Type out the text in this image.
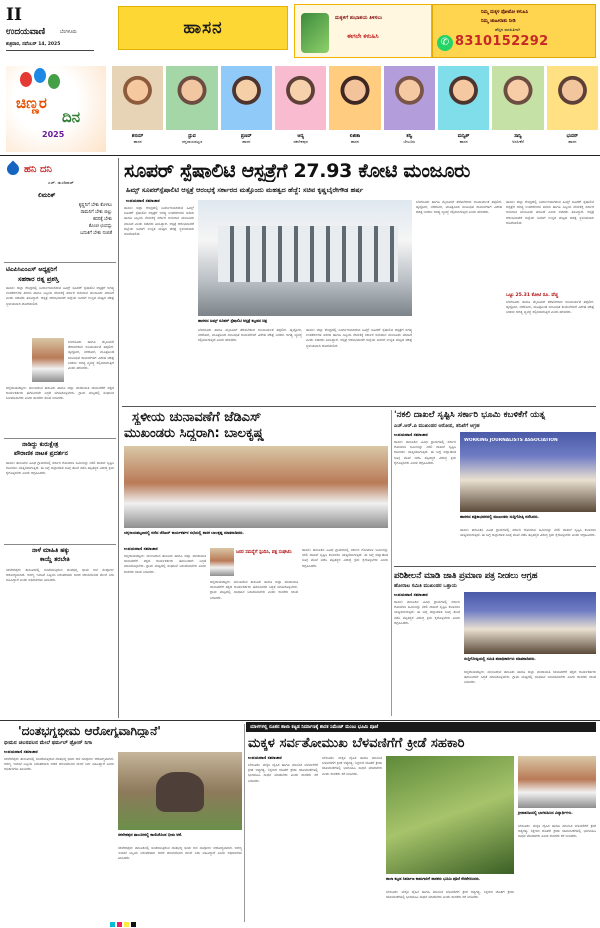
II
ಉದಯವಾಣಿ	ಬೆಂಗಳೂರು
ಶುಕ್ರವಾರ, ನವೆಂಬರ್ 14, 2025
ಹಾಸನ	ಮಕ್ಕಳಿಗೆ ಶುಭಾಶಯ ತಿಳಿಸಲು
ಈಗಲೇ ಕಳುಹಿಸಿ
ನಿಮ್ಮ ಮಕ್ಕಳ ಫೋಟೋ ಕಳುಹಿಸಿ
ನಿಮ್ಮ ಜಾಹೀರಾತು ನೀಡಿ
ಹೆಚ್ಚಿನ ಮಾಹಿತಿಗಾಗಿ
✆ 8310152292
ಚಿಣ್ಣರ
ದಿನ
2025	ಶನಯ್
ಹಾಸನ
ಧ್ರುವ
ಚನ್ನರಾಯಪಟ್ಟಣ
ಪ್ರಣವ್
ಹಾಸನ
ಆದ್ಯ
ಸಕಲೇಶಪುರ
ಲಿಖಿತಾ
ಹಾಸನ
ತನ್ವಿ
ಬೇಲೂರು
ಮನ್ವಿತ್
ಹಾಸನ
ಸಾನ್ವಿ
ಅರಸೀಕೆರೆ
ಭುವನ್
ಹಾಸನ
ಹನಿ ದನಿ
ಎಚ್. ಡುಂಡಿರಾಜ್
ಲಿಮರಿಕ್
ಕೃಷ್ಣನಿಗೆ ಬೇಕು ಕೊಳಲು
ರಾಮನಿಗೆ ಬೇಕು ಬಿಲ್ಲು
ಕವನಕ್ಕೆ ಬೇಕು
ಕೊಂಚ ಛಂದಸ್ಸು
ಬದುಕಿಗೆ ಬೇಕು ನಂಬಿಕೆ
ಟಿಎಪಿಸಿಎಂಎಸ್ ಅಧ್ಯಕ್ಷರಿಗೆ
ಸಹಕಾರ ರತ್ನ ಪ್ರಶಸ್ತಿ
ಹಾಸನ: ಜಿಲ್ಲಾ ಕೇಂದ್ರದಲ್ಲಿ ನಿರ್ಮಾಣವಾಗಿರುವ ಹಿಮ್ಸ್ ಸೂಪರ್ ಸ್ಪೆಷಾಲಿಟಿ ಆಸ್ಪತ್ರೆಗೆ ಅಗತ್ಯ ಉಪಕರಣಗಳ ಖರೀದಿ ಹಾಗೂ ಸಿಬ್ಬಂದಿ ನೇಮಕಕ್ಕೆ ಸರ್ಕಾರ ಅನುದಾನ ಮಂಜೂರು ಮಾಡಿದೆ ಎಂದು ಸಚಿವರು ತಿಳಿಸಿದ್ದಾರೆ. ಆಸ್ಪತ್ರೆ ಆರಂಭವಾದರೆ ಜಿಲ್ಲೆಯ ಜನರಿಗೆ ಉನ್ನತ ಮಟ್ಟದ ಚಿಕಿತ್ಸೆ ಸ್ಥಳೀಯವಾಗಿ ದೊರೆಯಲಿದೆ.
ಬೆಂಗಳೂರು ಹಾಗೂ ಮೈಸೂರಿಗೆ ತೆರಳಬೇಕಾದ ಅನಿವಾರ್ಯತೆ ತಪ್ಪಲಿದೆ. ಹೃದ್ರೋಗ, ನರರೋಗ, ಮೂತ್ರಪಿಂಡ ಸಂಬಂಧಿತ ಕಾಯಿಲೆಗಳಿಗೆ ವಿಶೇಷ ಚಿಕಿತ್ಸೆ ನೀಡಲು ಅಗತ್ಯ ವ್ಯವಸ್ಥೆ ಕಲ್ಪಿಸಲಾಗುತ್ತಿದೆ ಎಂದು ಹೇಳಿದರು.
ಚನ್ನರಾಯಪಟ್ಟಣ: ಮುಂಬರುವ ತಾಲೂಕು ಹಾಗೂ ಜಿಲ್ಲಾ ಪಂಚಾಯಿತಿ ಚುನಾವಣೆಗೆ ಪಕ್ಷದ ಕಾರ್ಯಕರ್ತರು ಈಗಿನಿಂದಲೇ ಸಿದ್ಧತೆ ಮಾಡಿಕೊಳ್ಳಬೇಕು. ಗ್ರಾಮ ಮಟ್ಟದಲ್ಲಿ ಸಂಘಟನೆ ಬಲಪಡಿಸಬೇಕು ಎಂದು ಶಾಸಕರು ಸಲಹೆ ನೀಡಿದರು.
ನಾಡಿದ್ದು ಕುರುಕ್ಷೇತ್ರ
ಪೌರಾಣಿಕ ನಾಟಕ ಪ್ರದರ್ಶನ
ಹಾಸನ: ತಾಲೂಕಿನ ವಿವಿಧ ಗ್ರಾಮಗಳಲ್ಲಿ ಸರ್ಕಾರಿ ಗೋಮಾಳ ಜಮೀನನ್ನು ನಕಲಿ ದಾಖಲೆ ಸೃಷ್ಟಿಸಿ ಕಬಳಿಸಲು ಯತ್ನಿಸಲಾಗುತ್ತಿದೆ. ಈ ಬಗ್ಗೆ ಜಿಲ್ಲಾಡಳಿತ ಸೂಕ್ತ ತನಿಖೆ ನಡೆಸಿ ತಪ್ಪಿತಸ್ಥರ ವಿರುದ್ಧ ಕ್ರಮ ಕೈಗೊಳ್ಳಬೇಕು ಎಂದು ಆಗ್ರಹಿಸಿದರು.
ನಾಳೆ ಮಾಹಿತಿ ಹಕ್ಕು
ಕಾಯ್ದೆ ತರಬೇತಿ
ಸಕಲೇಶಪುರ: ತಾಲೂಕಿನಲ್ಲಿ ಸಂಚರಿಸುತ್ತಿರುವ ದಂತಭಗ್ನ ಭೀಮ ಆನೆ ಸಂಪೂರ್ಣ ಆರೋಗ್ಯವಾಗಿದೆ. ಅರಣ್ಯ ಇಲಾಖೆ ಸಿಬ್ಬಂದಿ ನಿರಂತರವಾಗಿ ಅದರ ಚಲನವಲನದ ಮೇಲೆ ನಿಗಾ ವಹಿಸಿದ್ದಾರೆ ಎಂದು ಅಧಿಕಾರಿಗಳು ತಿಳಿಸಿದರು.
ಸೂಪರ್ ಸ್ಪೆಷಾಲಿಟಿ ಆಸ್ಪತ್ರೆಗೆ 27.93 ಕೋಟಿ ಮಂಜೂರು
ಹಿಮ್ಸ್ ಸೂಪರ್‌ಸ್ಪೆಷಾಲಿಟಿ ಆಸ್ಪತ್ರೆ ಆರಂಭಕ್ಕೆ ಸರ್ಕಾರದ ಮತ್ತೊಂದು ಮಹತ್ವದ ಹೆಜ್ಜೆ: ಸಚಿವ ಕೃಷ್ಣಬೈರೇಗೌಡ ಹರ್ಷ
ಉದಯವಾಣಿ ಸಮಾಚಾರ
ಹಾಸನ: ಜಿಲ್ಲಾ ಕೇಂದ್ರದಲ್ಲಿ ನಿರ್ಮಾಣವಾಗಿರುವ ಹಿಮ್ಸ್ ಸೂಪರ್ ಸ್ಪೆಷಾಲಿಟಿ ಆಸ್ಪತ್ರೆಗೆ ಅಗತ್ಯ ಉಪಕರಣಗಳ ಖರೀದಿ ಹಾಗೂ ಸಿಬ್ಬಂದಿ ನೇಮಕಕ್ಕೆ ಸರ್ಕಾರ ಅನುದಾನ ಮಂಜೂರು ಮಾಡಿದೆ ಎಂದು ಸಚಿವರು ತಿಳಿಸಿದ್ದಾರೆ. ಆಸ್ಪತ್ರೆ ಆರಂಭವಾದರೆ ಜಿಲ್ಲೆಯ ಜನರಿಗೆ ಉನ್ನತ ಮಟ್ಟದ ಚಿಕಿತ್ಸೆ ಸ್ಥಳೀಯವಾಗಿ ದೊರೆಯಲಿದೆ.
ಹಾಸನದ ಹಿಮ್ಸ್ ಸೂಪರ್ ಸ್ಪೆಷಾಲಿಟಿ ಆಸ್ಪತ್ರೆ ಕಟ್ಟಡದ ಚಿತ್ರ
ಬೆಂಗಳೂರು ಹಾಗೂ ಮೈಸೂರಿಗೆ ತೆರಳಬೇಕಾದ ಅನಿವಾರ್ಯತೆ ತಪ್ಪಲಿದೆ. ಹೃದ್ರೋಗ, ನರರೋಗ, ಮೂತ್ರಪಿಂಡ ಸಂಬಂಧಿತ ಕಾಯಿಲೆಗಳಿಗೆ ವಿಶೇಷ ಚಿಕಿತ್ಸೆ ನೀಡಲು ಅಗತ್ಯ ವ್ಯವಸ್ಥೆ ಕಲ್ಪಿಸಲಾಗುತ್ತಿದೆ ಎಂದು ಹೇಳಿದರು.
ಹಾಸನ: ಜಿಲ್ಲಾ ಕೇಂದ್ರದಲ್ಲಿ ನಿರ್ಮಾಣವಾಗಿರುವ ಹಿಮ್ಸ್ ಸೂಪರ್ ಸ್ಪೆಷಾಲಿಟಿ ಆಸ್ಪತ್ರೆಗೆ ಅಗತ್ಯ ಉಪಕರಣಗಳ ಖರೀದಿ ಹಾಗೂ ಸಿಬ್ಬಂದಿ ನೇಮಕಕ್ಕೆ ಸರ್ಕಾರ ಅನುದಾನ ಮಂಜೂರು ಮಾಡಿದೆ ಎಂದು ಸಚಿವರು ತಿಳಿಸಿದ್ದಾರೆ. ಆಸ್ಪತ್ರೆ ಆರಂಭವಾದರೆ ಜಿಲ್ಲೆಯ ಜನರಿಗೆ ಉನ್ನತ ಮಟ್ಟದ ಚಿಕಿತ್ಸೆ ಸ್ಥಳೀಯವಾಗಿ ದೊರೆಯಲಿದೆ.
ಬೆಂಗಳೂರು ಹಾಗೂ ಮೈಸೂರಿಗೆ ತೆರಳಬೇಕಾದ ಅನಿವಾರ್ಯತೆ ತಪ್ಪಲಿದೆ. ಹೃದ್ರೋಗ, ನರರೋಗ, ಮೂತ್ರಪಿಂಡ ಸಂಬಂಧಿತ ಕಾಯಿಲೆಗಳಿಗೆ ವಿಶೇಷ ಚಿಕಿತ್ಸೆ ನೀಡಲು ಅಗತ್ಯ ವ್ಯವಸ್ಥೆ ಕಲ್ಪಿಸಲಾಗುತ್ತಿದೆ ಎಂದು ಹೇಳಿದರು.
ಹಾಸನ: ಜಿಲ್ಲಾ ಕೇಂದ್ರದಲ್ಲಿ ನಿರ್ಮಾಣವಾಗಿರುವ ಹಿಮ್ಸ್ ಸೂಪರ್ ಸ್ಪೆಷಾಲಿಟಿ ಆಸ್ಪತ್ರೆಗೆ ಅಗತ್ಯ ಉಪಕರಣಗಳ ಖರೀದಿ ಹಾಗೂ ಸಿಬ್ಬಂದಿ ನೇಮಕಕ್ಕೆ ಸರ್ಕಾರ ಅನುದಾನ ಮಂಜೂರು ಮಾಡಿದೆ ಎಂದು ಸಚಿವರು ತಿಳಿಸಿದ್ದಾರೆ. ಆಸ್ಪತ್ರೆ ಆರಂಭವಾದರೆ ಜಿಲ್ಲೆಯ ಜನರಿಗೆ ಉನ್ನತ ಮಟ್ಟದ ಚಿಕಿತ್ಸೆ ಸ್ಥಳೀಯವಾಗಿ ದೊರೆಯಲಿದೆ.
ಒಟ್ಟು 25.31 ಕೋಟಿ ರೂ. ವೆಚ್ಚ
ಬೆಂಗಳೂರು ಹಾಗೂ ಮೈಸೂರಿಗೆ ತೆರಳಬೇಕಾದ ಅನಿವಾರ್ಯತೆ ತಪ್ಪಲಿದೆ. ಹೃದ್ರೋಗ, ನರರೋಗ, ಮೂತ್ರಪಿಂಡ ಸಂಬಂಧಿತ ಕಾಯಿಲೆಗಳಿಗೆ ವಿಶೇಷ ಚಿಕಿತ್ಸೆ ನೀಡಲು ಅಗತ್ಯ ವ್ಯವಸ್ಥೆ ಕಲ್ಪಿಸಲಾಗುತ್ತಿದೆ ಎಂದು ಹೇಳಿದರು.
ಸ್ಥಳೀಯ ಚುನಾವಣೆಗೆ ಜೆಡಿಎಸ್
ಮುಖಂಡರು ಸಿದ್ಧರಾಗಿ: ಬಾಲಕೃಷ್ಣ
ಚನ್ನರಾಯಪಟ್ಟಣದಲ್ಲಿ ನಡೆದ ಜೆಡಿಎಸ್ ಕಾರ್ಯಕರ್ತರ ಸಭೆಯಲ್ಲಿ ಶಾಸಕ ಬಾಲಕೃಷ್ಣ ಮಾತನಾಡಿದರು.
ಉದಯವಾಣಿ ಸಮಾಚಾರ
ಚನ್ನರಾಯಪಟ್ಟಣ: ಮುಂಬರುವ ತಾಲೂಕು ಹಾಗೂ ಜಿಲ್ಲಾ ಪಂಚಾಯಿತಿ ಚುನಾವಣೆಗೆ ಪಕ್ಷದ ಕಾರ್ಯಕರ್ತರು ಈಗಿನಿಂದಲೇ ಸಿದ್ಧತೆ ಮಾಡಿಕೊಳ್ಳಬೇಕು. ಗ್ರಾಮ ಮಟ್ಟದಲ್ಲಿ ಸಂಘಟನೆ ಬಲಪಡಿಸಬೇಕು ಎಂದು ಶಾಸಕರು ಸಲಹೆ ನೀಡಿದರು.
ಜನರ ಸಮಸ್ಯೆಗೆ ಸ್ಪಂದಿಸಿ, ಪಕ್ಷ ಸಂಘಟಿಸಿ
ಚನ್ನರಾಯಪಟ್ಟಣ: ಮುಂಬರುವ ತಾಲೂಕು ಹಾಗೂ ಜಿಲ್ಲಾ ಪಂಚಾಯಿತಿ ಚುನಾವಣೆಗೆ ಪಕ್ಷದ ಕಾರ್ಯಕರ್ತರು ಈಗಿನಿಂದಲೇ ಸಿದ್ಧತೆ ಮಾಡಿಕೊಳ್ಳಬೇಕು. ಗ್ರಾಮ ಮಟ್ಟದಲ್ಲಿ ಸಂಘಟನೆ ಬಲಪಡಿಸಬೇಕು ಎಂದು ಶಾಸಕರು ಸಲಹೆ ನೀಡಿದರು.
ಹಾಸನ: ತಾಲೂಕಿನ ವಿವಿಧ ಗ್ರಾಮಗಳಲ್ಲಿ ಸರ್ಕಾರಿ ಗೋಮಾಳ ಜಮೀನನ್ನು ನಕಲಿ ದಾಖಲೆ ಸೃಷ್ಟಿಸಿ ಕಬಳಿಸಲು ಯತ್ನಿಸಲಾಗುತ್ತಿದೆ. ಈ ಬಗ್ಗೆ ಜಿಲ್ಲಾಡಳಿತ ಸೂಕ್ತ ತನಿಖೆ ನಡೆಸಿ ತಪ್ಪಿತಸ್ಥರ ವಿರುದ್ಧ ಕ್ರಮ ಕೈಗೊಳ್ಳಬೇಕು ಎಂದು ಆಗ್ರಹಿಸಿದರು.
'ನಕಲಿ ದಾಖಲೆ ಸೃಷ್ಟಿಸಿ ಸರ್ಕಾರಿ ಭೂಮಿ ಕಬಳಿಕೆಗೆ ಯತ್ನ
ಎಚ್.ಆರ್.ಪಿ ಮುಖಂಡರ ಆರೋಪ, ತನಿಖೆಗೆ ಆಗ್ರಹ
ಉದಯವಾಣಿ ಸಮಾಚಾರ
ಹಾಸನ: ತಾಲೂಕಿನ ವಿವಿಧ ಗ್ರಾಮಗಳಲ್ಲಿ ಸರ್ಕಾರಿ ಗೋಮಾಳ ಜಮೀನನ್ನು ನಕಲಿ ದಾಖಲೆ ಸೃಷ್ಟಿಸಿ ಕಬಳಿಸಲು ಯತ್ನಿಸಲಾಗುತ್ತಿದೆ. ಈ ಬಗ್ಗೆ ಜಿಲ್ಲಾಡಳಿತ ಸೂಕ್ತ ತನಿಖೆ ನಡೆಸಿ ತಪ್ಪಿತಸ್ಥರ ವಿರುದ್ಧ ಕ್ರಮ ಕೈಗೊಳ್ಳಬೇಕು ಎಂದು ಆಗ್ರಹಿಸಿದರು.
WORKING JOURNALISTS ASSOCIATION
ಹಾಸನದ ಪತ್ರಿಕಾಭವನದಲ್ಲಿ ಮುಖಂಡರು ಸುದ್ದಿಗೋಷ್ಠಿ ನಡೆಸಿದರು.
ಹಾಸನ: ತಾಲೂಕಿನ ವಿವಿಧ ಗ್ರಾಮಗಳಲ್ಲಿ ಸರ್ಕಾರಿ ಗೋಮಾಳ ಜಮೀನನ್ನು ನಕಲಿ ದಾಖಲೆ ಸೃಷ್ಟಿಸಿ ಕಬಳಿಸಲು ಯತ್ನಿಸಲಾಗುತ್ತಿದೆ. ಈ ಬಗ್ಗೆ ಜಿಲ್ಲಾಡಳಿತ ಸೂಕ್ತ ತನಿಖೆ ನಡೆಸಿ ತಪ್ಪಿತಸ್ಥರ ವಿರುದ್ಧ ಕ್ರಮ ಕೈಗೊಳ್ಳಬೇಕು ಎಂದು ಆಗ್ರಹಿಸಿದರು.
ಪರಿಶೀಲನೆ ಮಾಡಿ ಜಾತಿ ಪ್ರಮಾಣ ಪತ್ರ ನೀಡಲು ಆಗ್ರಹ
ಹೋರಾಟ ಸಮಿತಿ ಮುಖಂಡರ ಒತ್ತಾಯ
ಉದಯವಾಣಿ ಸಮಾಚಾರ
ಹಾಸನ: ತಾಲೂಕಿನ ವಿವಿಧ ಗ್ರಾಮಗಳಲ್ಲಿ ಸರ್ಕಾರಿ ಗೋಮಾಳ ಜಮೀನನ್ನು ನಕಲಿ ದಾಖಲೆ ಸೃಷ್ಟಿಸಿ ಕಬಳಿಸಲು ಯತ್ನಿಸಲಾಗುತ್ತಿದೆ. ಈ ಬಗ್ಗೆ ಜಿಲ್ಲಾಡಳಿತ ಸೂಕ್ತ ತನಿಖೆ ನಡೆಸಿ ತಪ್ಪಿತಸ್ಥರ ವಿರುದ್ಧ ಕ್ರಮ ಕೈಗೊಳ್ಳಬೇಕು ಎಂದು ಆಗ್ರಹಿಸಿದರು.
ಸುದ್ದಿಗೋಷ್ಠಿಯಲ್ಲಿ ಸಮಿತಿ ಪದಾಧಿಕಾರಿಗಳು ಮಾತನಾಡಿದರು.
ಚನ್ನರಾಯಪಟ್ಟಣ: ಮುಂಬರುವ ತಾಲೂಕು ಹಾಗೂ ಜಿಲ್ಲಾ ಪಂಚಾಯಿತಿ ಚುನಾವಣೆಗೆ ಪಕ್ಷದ ಕಾರ್ಯಕರ್ತರು ಈಗಿನಿಂದಲೇ ಸಿದ್ಧತೆ ಮಾಡಿಕೊಳ್ಳಬೇಕು. ಗ್ರಾಮ ಮಟ್ಟದಲ್ಲಿ ಸಂಘಟನೆ ಬಲಪಡಿಸಬೇಕು ಎಂದು ಶಾಸಕರು ಸಲಹೆ ನೀಡಿದರು.
ಯಾಳಗಳಲ್ಲಿ ನೂತನ ಶಾಲಾ ಕಟ್ಟಡ ನಿರ್ಮಾಣಕ್ಕೆ ಶಾಸಕ ಸಿಮೆಂಟ್ ಮಂಜು ಭೂಮಿ ಪೂಜೆ
'ದಂತಭಗ್ನಭೀಮ ಆರೋಗ್ಯವಾಗಿದ್ದಾನೆ'
ಭೀಮನ ಚಲನವಲನ ಮೇಲೆ ಥರ್ಮಲ್ ಡ್ರೋನ್ ನಿಗಾ
ಉದಯವಾಣಿ ಸಮಾಚಾರ
ಸಕಲೇಶಪುರ: ತಾಲೂಕಿನಲ್ಲಿ ಸಂಚರಿಸುತ್ತಿರುವ ದಂತಭಗ್ನ ಭೀಮ ಆನೆ ಸಂಪೂರ್ಣ ಆರೋಗ್ಯವಾಗಿದೆ. ಅರಣ್ಯ ಇಲಾಖೆ ಸಿಬ್ಬಂದಿ ನಿರಂತರವಾಗಿ ಅದರ ಚಲನವಲನದ ಮೇಲೆ ನಿಗಾ ವಹಿಸಿದ್ದಾರೆ ಎಂದು ಅಧಿಕಾರಿಗಳು ತಿಳಿಸಿದರು.
ಸಕಲೇಶಪುರ ತಾಲೂಕಿನಲ್ಲಿ ಕಾಣಿಸಿಕೊಂಡ ಭೀಮ ಆನೆ.
ಸಕಲೇಶಪುರ: ತಾಲೂಕಿನಲ್ಲಿ ಸಂಚರಿಸುತ್ತಿರುವ ದಂತಭಗ್ನ ಭೀಮ ಆನೆ ಸಂಪೂರ್ಣ ಆರೋಗ್ಯವಾಗಿದೆ. ಅರಣ್ಯ ಇಲಾಖೆ ಸಿಬ್ಬಂದಿ ನಿರಂತರವಾಗಿ ಅದರ ಚಲನವಲನದ ಮೇಲೆ ನಿಗಾ ವಹಿಸಿದ್ದಾರೆ ಎಂದು ಅಧಿಕಾರಿಗಳು ತಿಳಿಸಿದರು.
ಮಕ್ಕಳ ಸರ್ವತೋಮುಖ ಬೆಳವಣಿಗೆಗೆ ಕ್ರೀಡೆ ಸಹಕಾರಿ
ಉದಯವಾಣಿ ಸಮಾಚಾರ
ಬೇಲೂರು: ಮಕ್ಕಳ ದೈಹಿಕ ಹಾಗೂ ಮಾನಸಿಕ ಬೆಳವಣಿಗೆಗೆ ಕ್ರೀಡೆ ಅತ್ಯಗತ್ಯ. ಶಿಕ್ಷಣದ ಜೊತೆಗೆ ಕ್ರೀಡಾ ಚಟುವಟಿಕೆಗಳಲ್ಲಿ ಭಾಗವಹಿಸಿ ಸಾಧನೆ ಮಾಡಬೇಕು ಎಂದು ಶಾಸಕರು ಕರೆ ನೀಡಿದರು.
ಬೇಲೂರು: ಮಕ್ಕಳ ದೈಹಿಕ ಹಾಗೂ ಮಾನಸಿಕ ಬೆಳವಣಿಗೆಗೆ ಕ್ರೀಡೆ ಅತ್ಯಗತ್ಯ. ಶಿಕ್ಷಣದ ಜೊತೆಗೆ ಕ್ರೀಡಾ ಚಟುವಟಿಕೆಗಳಲ್ಲಿ ಭಾಗವಹಿಸಿ ಸಾಧನೆ ಮಾಡಬೇಕು ಎಂದು ಶಾಸಕರು ಕರೆ ನೀಡಿದರು.
ಶಾಲಾ ಕಟ್ಟಡ ನಿರ್ಮಾಣ ಕಾಮಗಾರಿಗೆ ಶಾಸಕರು ಭೂಮಿ ಪೂಜೆ ನೆರವೇರಿಸಿದರು.
ಬೇಲೂರು: ಮಕ್ಕಳ ದೈಹಿಕ ಹಾಗೂ ಮಾನಸಿಕ ಬೆಳವಣಿಗೆಗೆ ಕ್ರೀಡೆ ಅತ್ಯಗತ್ಯ. ಶಿಕ್ಷಣದ ಜೊತೆಗೆ ಕ್ರೀಡಾ ಚಟುವಟಿಕೆಗಳಲ್ಲಿ ಭಾಗವಹಿಸಿ ಸಾಧನೆ ಮಾಡಬೇಕು ಎಂದು ಶಾಸಕರು ಕರೆ ನೀಡಿದರು.
ಕ್ರೀಡಾಕೂಟದಲ್ಲಿ ಭಾಗವಹಿಸಿದ ವಿದ್ಯಾರ್ಥಿಗಳು.
ಬೇಲೂರು: ಮಕ್ಕಳ ದೈಹಿಕ ಹಾಗೂ ಮಾನಸಿಕ ಬೆಳವಣಿಗೆಗೆ ಕ್ರೀಡೆ ಅತ್ಯಗತ್ಯ. ಶಿಕ್ಷಣದ ಜೊತೆಗೆ ಕ್ರೀಡಾ ಚಟುವಟಿಕೆಗಳಲ್ಲಿ ಭಾಗವಹಿಸಿ ಸಾಧನೆ ಮಾಡಬೇಕು ಎಂದು ಶಾಸಕರು ಕರೆ ನೀಡಿದರು.
